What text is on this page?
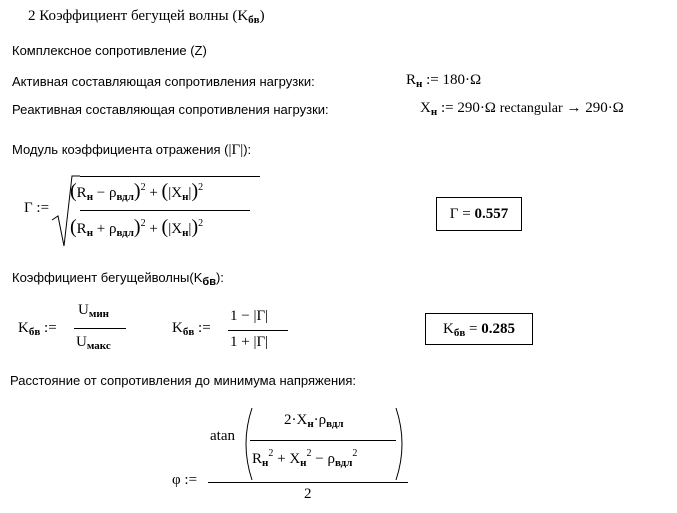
2 Коэффициент бегущей волны $(K_{бв})$
Комплексное сопротивление (Z)
Активная составляющая сопротивления нагрузки:	$R_н$ := 180·Ω
Реактивная составляющая сопротивления нагрузки:	$X_н$ := 290·Ω rectangular → 290·Ω
Модуль коэффициента отражения (|Γ|):
Γ :=
$(R_н - \rho_{вдл})^2 + (|X_н|)^2$
$(R_н + \rho_{вдл})^2 + (|X_н|)^2$
Γ = 0.557
Коэффициент $бегущейволны(K_{бв})$:
$K_{бв}$ :=
$U_{мин}$
$U_{макс}$
$K_{бв}$ :=
1 − |Γ|
1 + |Γ|
$K_{бв} = 0.285$
Расстояние от сопротивления до минимума напряжения:
φ :=
atan
$2\cdot X_н\cdot\rho_{вдл}$
$R_н^2 + X_н^2 - \rho_{вдл}^2$
2
